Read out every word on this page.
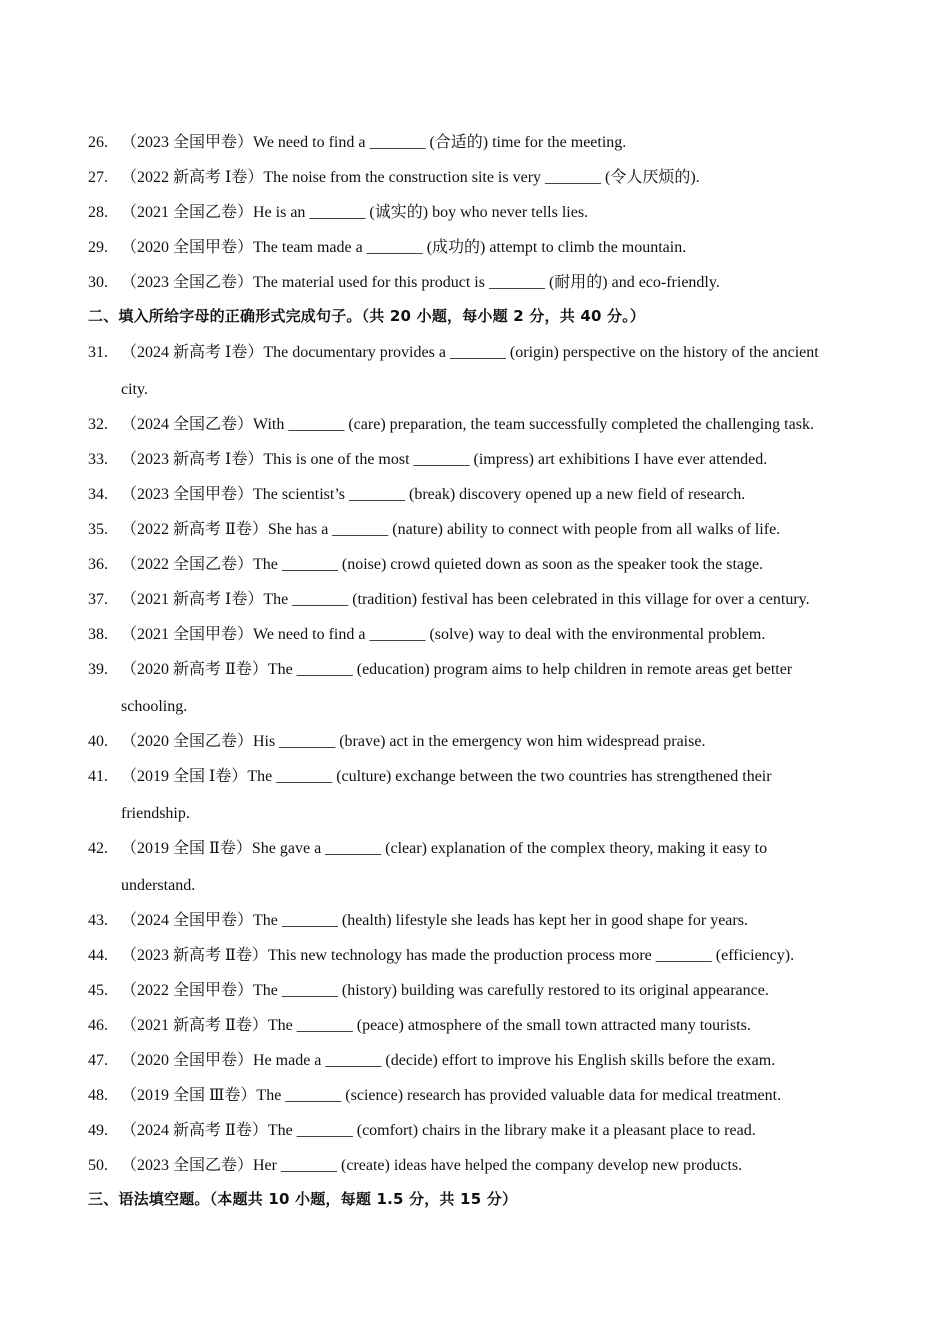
26. （2023 全国甲卷）We need to find a _______ (合适的) time for the meeting.
27. （2022 新高考 Ⅰ卷）The noise from the construction site is very _______ (令人厌烦的).
28. （2021 全国乙卷）He is an _______ (诚实的) boy who never tells lies.
29. （2020 全国甲卷）The team made a _______ (成功的) attempt to climb the mountain.
30. （2023 全国乙卷）The material used for this product is _______ (耐用的) and eco-friendly.
二、填入所给字母的正确形式完成句子。（共 20 小题，每小题 2 分，共 40 分。）
31. （2024 新高考 Ⅰ卷）The documentary provides a _______ (origin) perspective on the history of the ancient
city.
32. （2024 全国乙卷）With _______ (care) preparation, the team successfully completed the challenging task.
33. （2023 新高考 Ⅰ卷）This is one of the most _______ (impress) art exhibitions I have ever attended.
34. （2023 全国甲卷）The scientist’s _______ (break) discovery opened up a new field of research.
35. （2022 新高考 Ⅱ卷）She has a _______ (nature) ability to connect with people from all walks of life.
36. （2022 全国乙卷）The _______ (noise) crowd quieted down as soon as the speaker took the stage.
37. （2021 新高考 Ⅰ卷）The _______ (tradition) festival has been celebrated in this village for over a century.
38. （2021 全国甲卷）We need to find a _______ (solve) way to deal with the environmental problem.
39. （2020 新高考 Ⅱ卷）The _______ (education) program aims to help children in remote areas get better
schooling.
40. （2020 全国乙卷）His _______ (brave) act in the emergency won him widespread praise.
41. （2019 全国 Ⅰ卷）The _______ (culture) exchange between the two countries has strengthened their
friendship.
42. （2019 全国 Ⅱ卷）She gave a _______ (clear) explanation of the complex theory, making it easy to
understand.
43. （2024 全国甲卷）The _______ (health) lifestyle she leads has kept her in good shape for years.
44. （2023 新高考 Ⅱ卷）This new technology has made the production process more _______ (efficiency).
45. （2022 全国甲卷）The _______ (history) building was carefully restored to its original appearance.
46. （2021 新高考 Ⅱ卷）The _______ (peace) atmosphere of the small town attracted many tourists.
47. （2020 全国甲卷）He made a _______ (decide) effort to improve his English skills before the exam.
48. （2019 全国 Ⅲ卷）The _______ (science) research has provided valuable data for medical treatment.
49. （2024 新高考 Ⅱ卷）The _______ (comfort) chairs in the library make it a pleasant place to read.
50. （2023 全国乙卷）Her _______ (create) ideas have helped the company develop new products.
三、语法填空题。（本题共 10 小题，每题 1.5 分，共 15 分）
